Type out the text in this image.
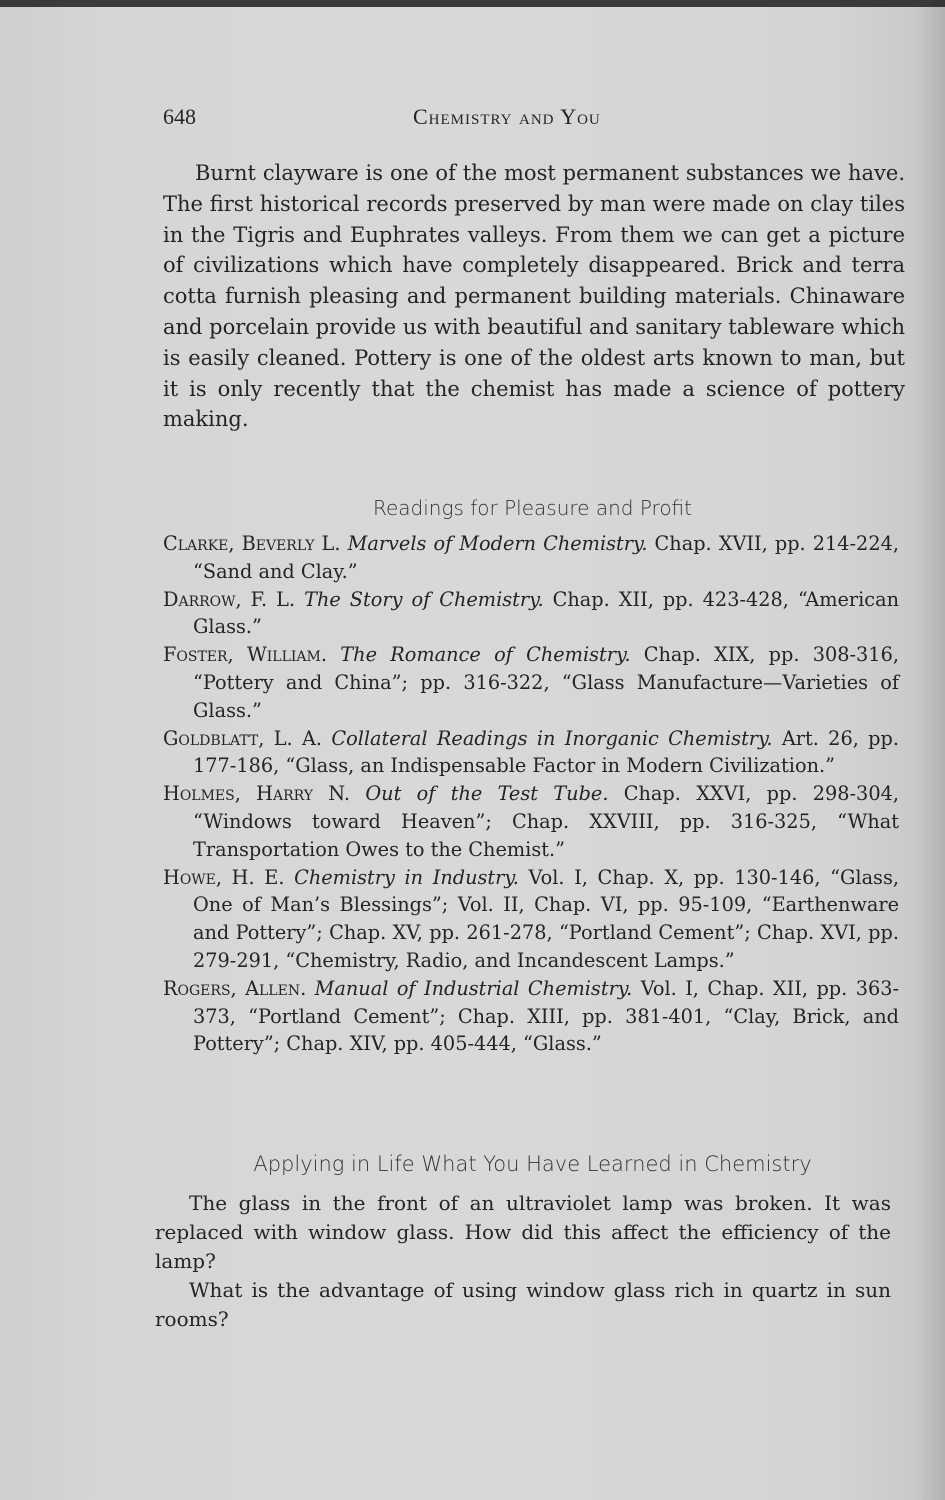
648	Chemistry and You
Burnt clayware is one of the most permanent substances we have. The first historical records preserved by man were made on clay tiles in the Tigris and Euphrates valleys. From them we can get a picture of civilizations which have completely disappeared. Brick and terra cotta furnish pleasing and permanent building materials. Chinaware and porcelain provide us with beautiful and sanitary tableware which is easily cleaned. Pottery is one of the oldest arts known to man, but it is only recently that the chemist has made a science of pottery making.
Readings for Pleasure and Profit
Clarke, Beverly L. Marvels of Modern Chemistry. Chap. XVII, pp. 214-224, “Sand and Clay.”
Darrow, F. L. The Story of Chemistry. Chap. XII, pp. 423-428, “American Glass.”
Foster, William. The Romance of Chemistry. Chap. XIX, pp. 308-316, “Pottery and China”; pp. 316-322, “Glass Manufacture—Varieties of Glass.”
Goldblatt, L. A. Collateral Readings in Inorganic Chemistry. Art. 26, pp. 177-186, “Glass, an Indispensable Factor in Modern Civilization.”
Holmes, Harry N. Out of the Test Tube. Chap. XXVI, pp. 298-304, “Windows toward Heaven”; Chap. XXVIII, pp. 316-325, “What Transportation Owes to the Chemist.”
Howe, H. E. Chemistry in Industry. Vol. I, Chap. X, pp. 130-146, “Glass, One of Man’s Blessings”; Vol. II, Chap. VI, pp. 95-109, “Earthenware and Pottery”; Chap. XV, pp. 261-278, “Portland Cement”; Chap. XVI, pp. 279-291, “Chemistry, Radio, and Incandescent Lamps.”
Rogers, Allen. Manual of Industrial Chemistry. Vol. I, Chap. XII, pp. 363-373, “Portland Cement”; Chap. XIII, pp. 381-401, “Clay, Brick, and Pottery”; Chap. XIV, pp. 405-444, “Glass.”
Applying in Life What You Have Learned in Chemistry

The glass in the front of an ultraviolet lamp was broken. It was replaced with window glass. How did this affect the efficiency of the lamp?

What is the advantage of using window glass rich in quartz in sun rooms?
